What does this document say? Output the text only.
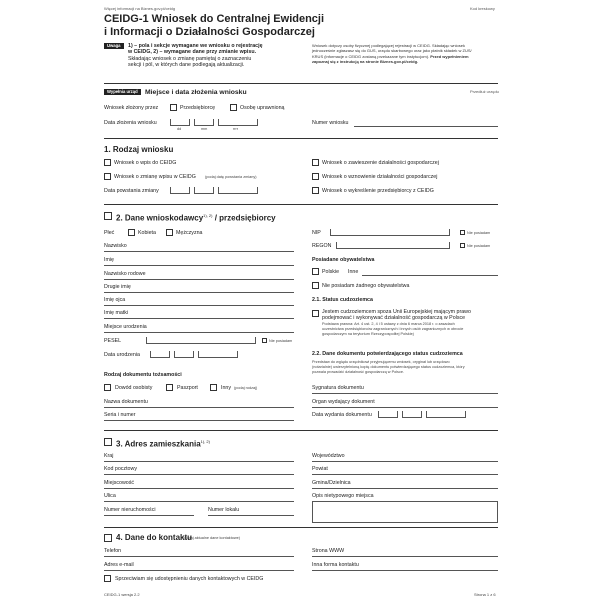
Więcej informacji na Biznes.gov.pl/ceidg	Kod kreskowy
CEIDG-1 Wniosek do Centralnej Ewidencji
i Informacji o Działalności Gospodarczej
Uwaga	1) – pola i sekcje wymagane we wniosku o rejestrację
w CEIDG, 2) – wymagane dane przy zmianie wpisu.
Składając wniosek o zmianę pamiętaj o zaznaczeniu
sekcji i pól, w których dane podlegają aktualizacji.
Wniosek dotyczy osoby fizycznej podlegającej rejestracji w CEIDG. Składając wniosek
jednocześnie zgłaszasz się do GUS, urzędu skarbowego oraz jako płatnik składek w ZUS/
KRUS (informacje o CEIDG zostaną przekazane tym instytucjom). Przed wypełnieniem
zapoznaj się z instrukcją na stronie Biznes.gov.pl/ceidg.
Wypełnia urząd	Miejsce i data złożenia wniosku	Przedłuż urzędu
Wniosek złożony przez	Przedsiębiorcę	Osobę uprawnioną
Data złożenia wniosku
dd	mm	rrrr
Numer wniosku
1. Rodzaj wniosku
Wniosek o wpis do CEIDG
Wniosek o zmianę wpisu w CEIDG (podaj datę powstania zmiany)
Data powstania zmiany
Wniosek o zawieszenie działalności gospodarczej
Wniosek o wznowienie działalności gospodarczej
Wniosek o wykreślenie przedsiębiorcy z CEIDG
2. Dane wnioskodawcy$^{1), 2)}$ / przedsiębiorcy
Płeć	Kobieta	Mężczyzna
Nazwisko
Imię
Nazwisko rodowe
Drugie imię
Imię ojca
Imię matki
Miejsce urodzenia
PESEL	Nie posiadam
Data urodzenia
Rodzaj dokumentu tożsamości
Dowód osobisty	Paszport	Inny (podaj rodzaj)
Nazwa dokumentu
Seria i numer
NIP	Nie posiadam
REGON	Nie posiadam
Posiadane obywatelstwa
Polskie Inne
Nie posiadam żadnego obywatelstwa
2.1. Status cudzoziemca
Jestem cudzoziemcem spoza Unii Europejskiej mającym prawo
podejmować i wykonywać działalność gospodarczą w Polsce
Podstawa prawna: Art. 4 ust. 2, 4 i 5 ustawy z dnia 6 marca 2018 r. o zasadach
uczestnictwa przedsiębiorców zagranicznych i innych osób zagranicznych w obrocie
gospodarczym na terytorium Rzeczypospolitej Polskiej
2.2. Dane dokumentu potwierdzającego status cudzoziemca
Przedstaw do wglądu urzędnikowi przyjmującemu wniosek, oryginał lub urzędowo
(notarialnie) uwierzytelnioną kopię dokumentu potwierdzającego status cudzoziemca, który
pozwala prowadzić działalność gospodarczą w Polsce.
Sygnatura dokumentu
Organ wydający dokument
Data wydania dokumentu
3. Adres zamieszkania$^{1), 2)}$
Kraj	Województwo
Kod pocztowy	Powiat
Miejscowość	Gmina/Dzielnica
Ulica	Opis nietypowego miejsca
Numer nieruchomości	Numer lokalu
4. Dane do kontaktu
(podaj aktualne dane kontaktowe)
Telefon	Strona WWW
Adres e-mail	Inna forma kontaktu
Sprzeciwiam się udostępnieniu danych kontaktowych w CEIDG
CEIDG-1 wersja 2.2	Strona 1 z 6
